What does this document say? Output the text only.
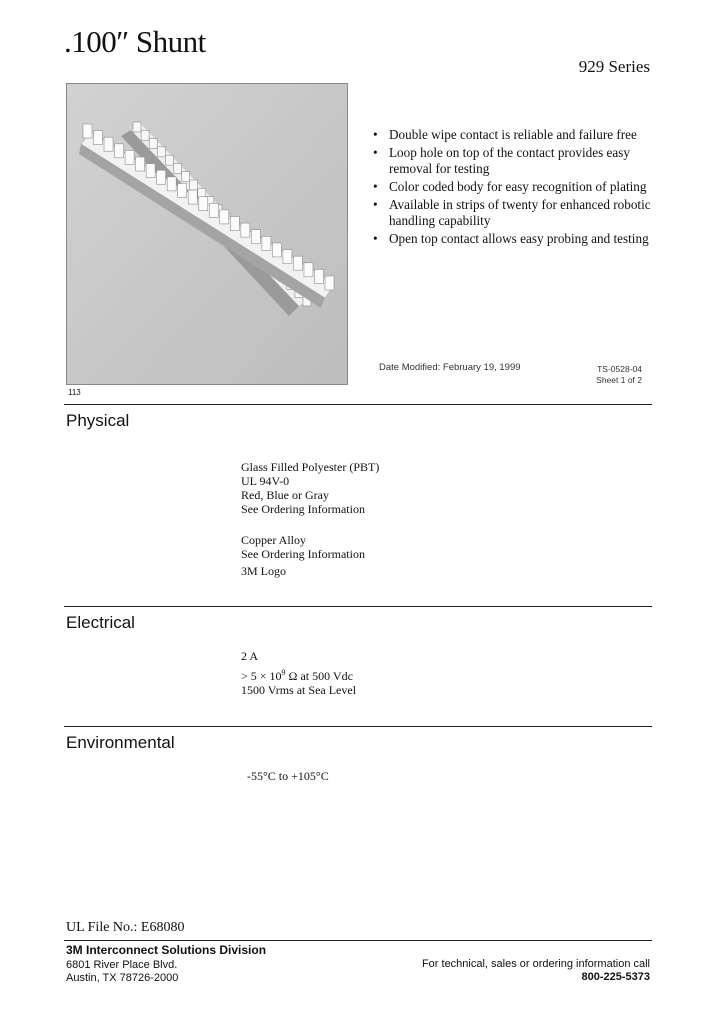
.100″ Shunt
929 Series
113
• Double wipe contact is reliable and failure free
• Loop hole on top of the contact provides easy removal for testing
• Color coded body for easy recognition of plating
• Available in strips of twenty for enhanced robotic handling capability
• Open top contact allows easy probing and testing
Date Modified: February 19, 1999	TS-0528-04
Sheet 1 of 2
Physical
Glass Filled Polyester (PBT)
UL 94V-0
Red, Blue or Gray
See Ordering Information
Copper Alloy
See Ordering Information
3M Logo
Electrical
2 A
> $5 \times 10^9$ Ω at 500 Vdc
1500 Vrms at Sea Level
Environmental
-55°C to +105°C
UL File No.: E68080
3M Interconnect Solutions Division
6801 River Place Blvd.
Austin, TX 78726-2000
For technical, sales or ordering information call
800-225-5373
